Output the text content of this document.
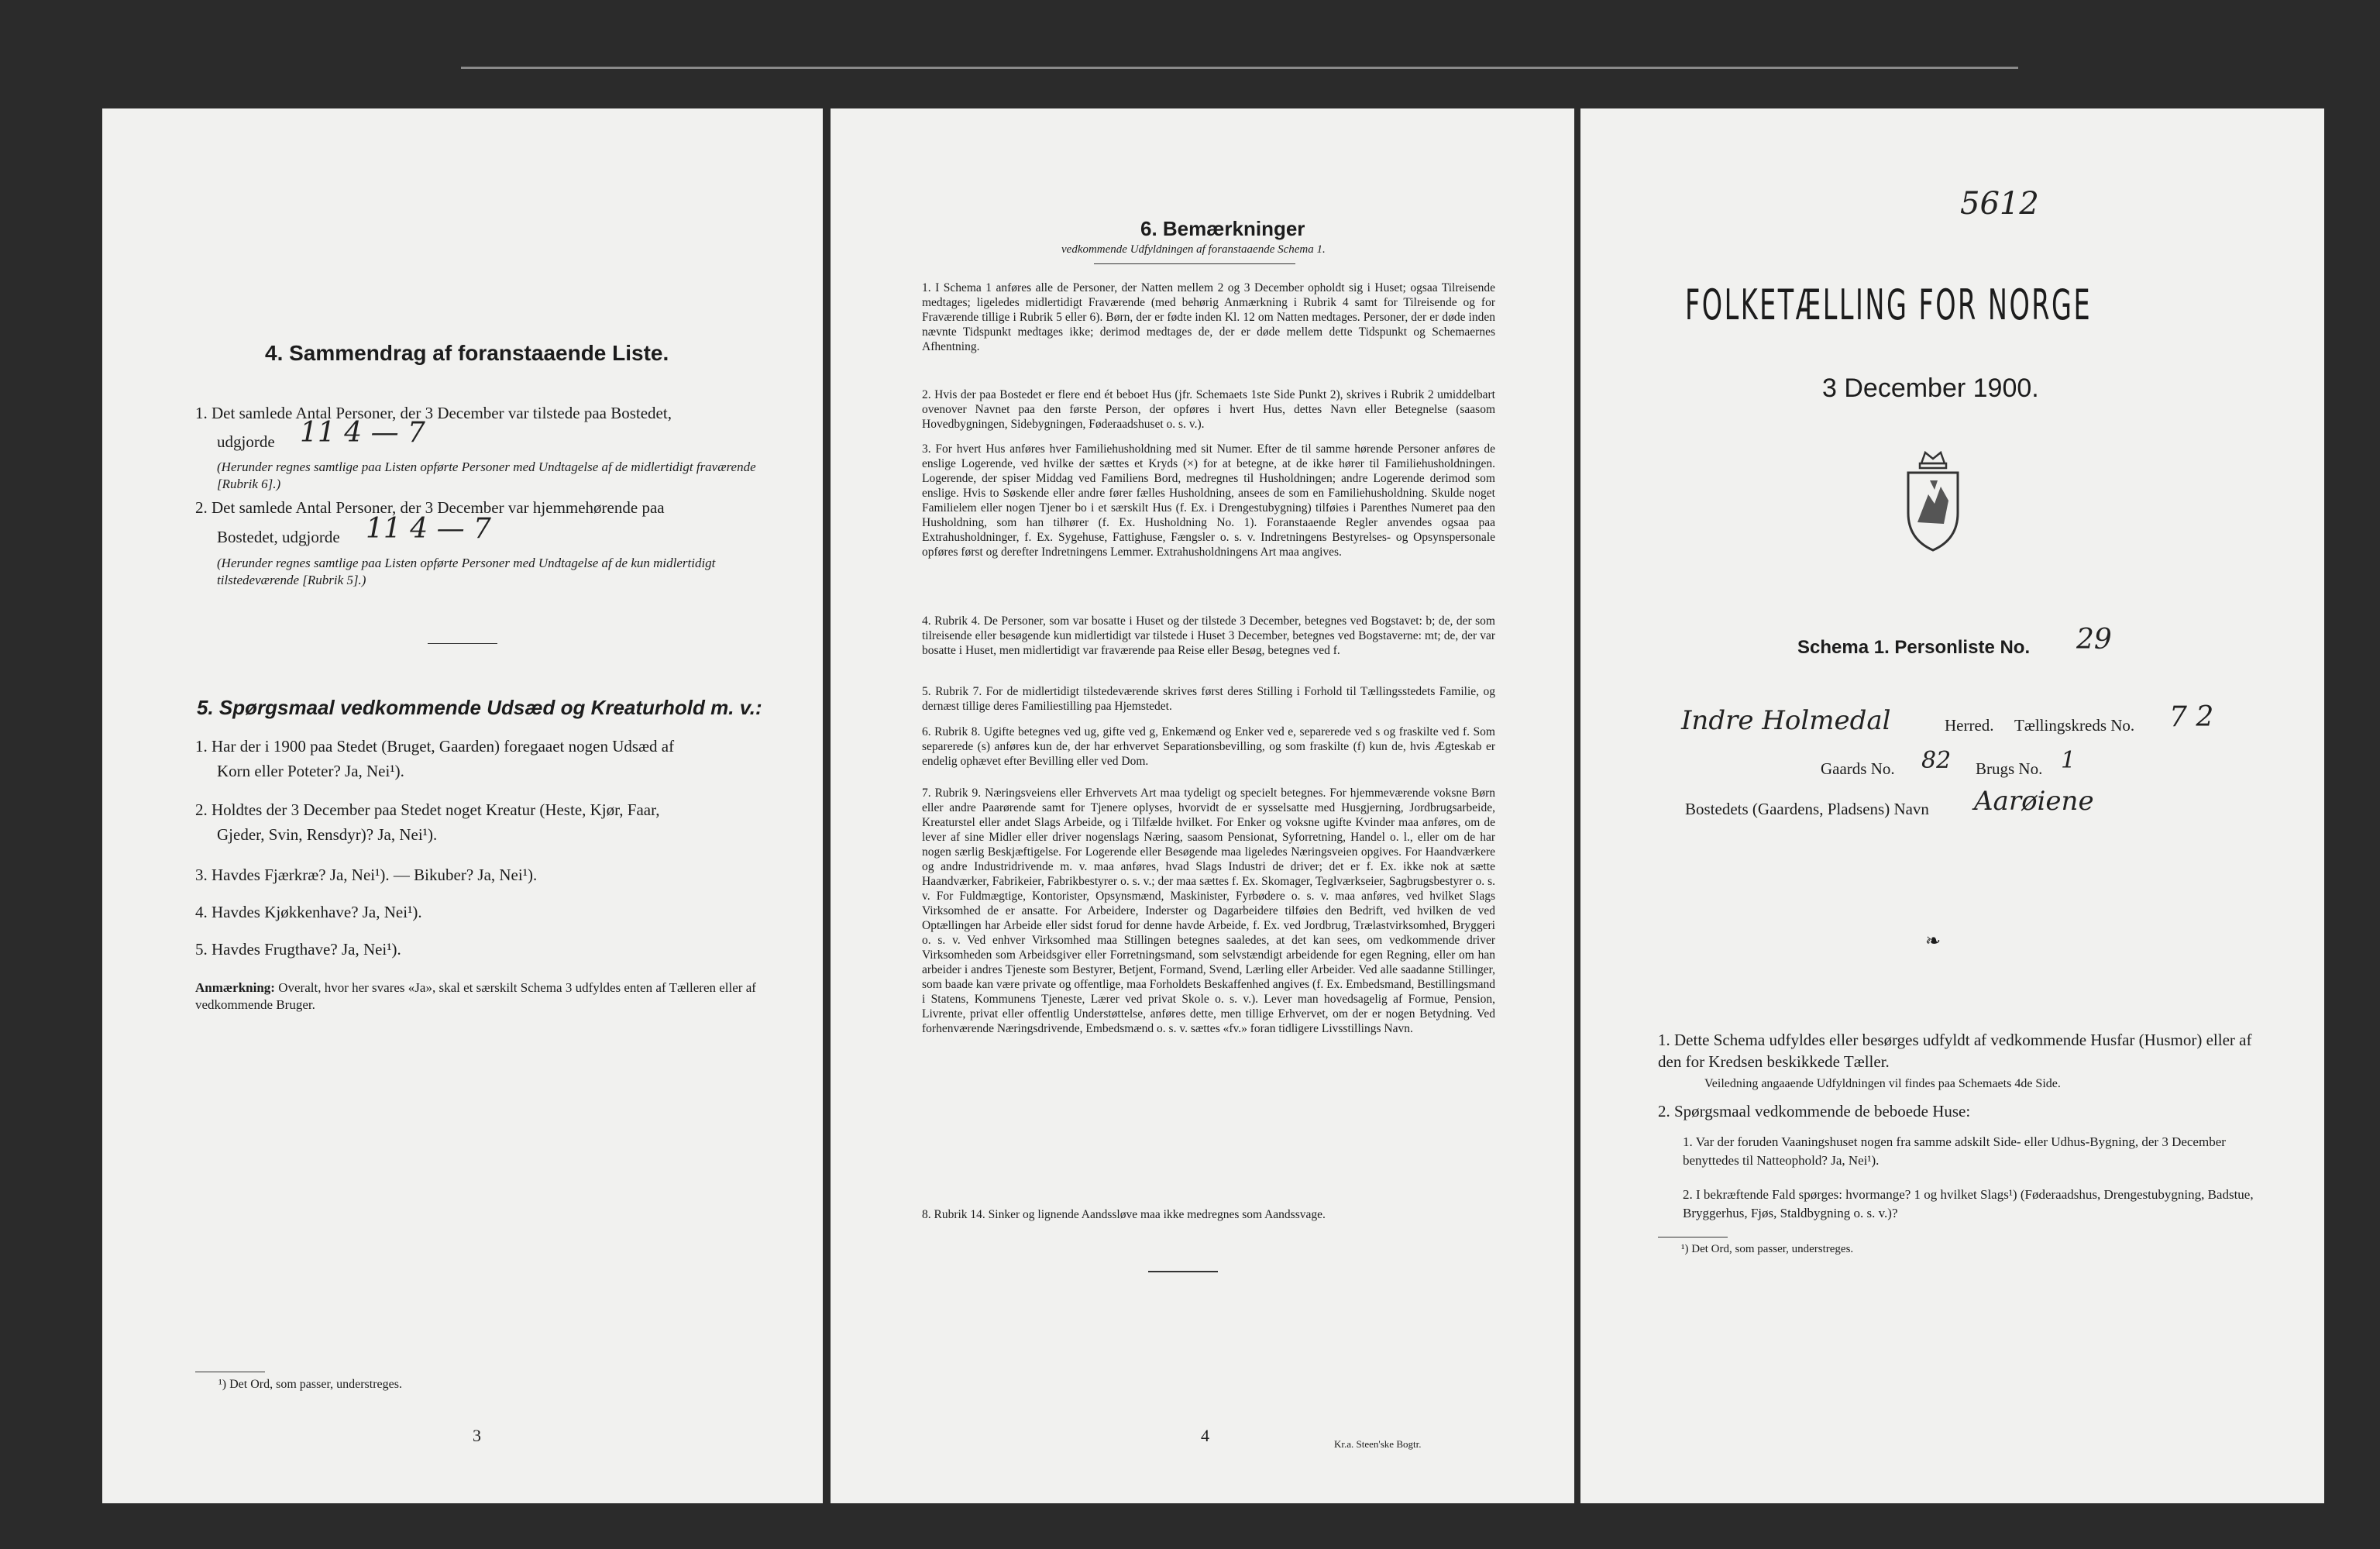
4. Sammendrag af foranstaaende Liste.
1. Det samlede Antal Personer, der 3 December var tilstede paa Bostedet,
udgjorde 11 4 — 7
(Herunder regnes samtlige paa Listen opførte Personer med Undtagelse af de midlertidigt fraværende [Rubrik 6].)
2. Det samlede Antal Personer, der 3 December var hjemmehørende paa
Bostedet, udgjorde 11 4 — 7
(Herunder regnes samtlige paa Listen opførte Personer med Undtagelse af de kun midlertidigt tilstedeværende [Rubrik 5].)
5. Spørgsmaal vedkommende Udsæd og Kreaturhold m. v.:
1. Har der i 1900 paa Stedet (Bruget, Gaarden) foregaaet nogen Udsæd af
Korn eller Poteter? Ja, Nei¹).
2. Holdtes der 3 December paa Stedet noget Kreatur (Heste, Kjør, Faar,
Gjeder, Svin, Rensdyr)? Ja, Nei¹).
3. Havdes Fjærkræ? Ja, Nei¹). — Bikuber? Ja, Nei¹).
4. Havdes Kjøkkenhave? Ja, Nei¹).
5. Havdes Frugthave? Ja, Nei¹).
Anmærkning: Overalt, hvor her svares «Ja», skal et særskilt Schema 3 udfyldes enten af Tælleren eller af vedkommende Bruger.
¹) Det Ord, som passer, understreges.
3
6. Bemærkninger
vedkommende Udfyldningen af foranstaaende Schema 1.
1. I Schema 1 anføres alle de Personer, der Natten mellem 2 og 3 December opholdt sig i Huset; ogsaa Tilreisende medtages; ligeledes midlertidigt Fraværende (med behørig Anmærkning i Rubrik 4 samt for Tilreisende og for Fraværende tillige i Rubrik 5 eller 6). Børn, der er fødte inden Kl. 12 om Natten medtages. Personer, der er døde inden nævnte Tidspunkt medtages ikke; derimod medtages de, der er døde mellem dette Tidspunkt og Schemaernes Afhentning.
2. Hvis der paa Bostedet er flere end ét beboet Hus (jfr. Schemaets 1ste Side Punkt 2), skrives i Rubrik 2 umiddelbart ovenover Navnet paa den første Person, der opføres i hvert Hus, dettes Navn eller Betegnelse (saasom Hovedbygningen, Sidebygningen, Føderaadshuset o. s. v.).
3. For hvert Hus anføres hver Familiehusholdning med sit Numer. Efter de til samme hørende Personer anføres de enslige Logerende, ved hvilke der sættes et Kryds (×) for at betegne, at de ikke hører til Familiehusholdningen. Logerende, der spiser Middag ved Familiens Bord, medregnes til Husholdningen; andre Logerende derimod som enslige. Hvis to Søskende eller andre fører fælles Husholdning, ansees de som en Familiehusholdning. Skulde noget Familielem eller nogen Tjener bo i et særskilt Hus (f. Ex. i Drengestubygning) tilføies i Parenthes Numeret paa den Husholdning, som han tilhører (f. Ex. Husholdning No. 1). Foranstaaende Regler anvendes ogsaa paa Extrahusholdninger, f. Ex. Sygehuse, Fattighuse, Fængsler o. s. v. Indretningens Bestyrelses- og Opsynspersonale opføres først og derefter Indretningens Lemmer. Extrahusholdningens Art maa angives.
4. Rubrik 4. De Personer, som var bosatte i Huset og der tilstede 3 December, betegnes ved Bogstavet: b; de, der som tilreisende eller besøgende kun midlertidigt var tilstede i Huset 3 December, betegnes ved Bogstaverne: mt; de, der var bosatte i Huset, men midlertidigt var fraværende paa Reise eller Besøg, betegnes ved f.
5. Rubrik 7. For de midlertidigt tilstedeværende skrives først deres Stilling i Forhold til Tællingsstedets Familie, og dernæst tillige deres Familiestilling paa Hjemstedet.
6. Rubrik 8. Ugifte betegnes ved ug, gifte ved g, Enkemænd og Enker ved e, separerede ved s og fraskilte ved f. Som separerede (s) anføres kun de, der har erhvervet Separationsbevilling, og som fraskilte (f) kun de, hvis Ægteskab er endelig ophævet efter Bevilling eller ved Dom.
7. Rubrik 9. Næringsveiens eller Erhvervets Art maa tydeligt og specielt betegnes. For hjemmeværende voksne Børn eller andre Paarørende samt for Tjenere oplyses, hvorvidt de er sysselsatte med Husgjerning, Jordbrugsarbeide, Kreaturstel eller andet Slags Arbeide, og i Tilfælde hvilket. For Enker og voksne ugifte Kvinder maa anføres, om de lever af sine Midler eller driver nogenslags Næring, saasom Pensionat, Syforretning, Handel o. l., eller om de har nogen særlig Beskjæftigelse. For Logerende eller Besøgende maa ligeledes Næringsveien opgives. For Haandværkere og andre Industridrivende m. v. maa anføres, hvad Slags Industri de driver; det er f. Ex. ikke nok at sætte Haandværker, Fabrikeier, Fabrikbestyrer o. s. v.; der maa sættes f. Ex. Skomager, Teglværkseier, Sagbrugsbestyrer o. s. v. For Fuldmægtige, Kontorister, Opsynsmænd, Maskinister, Fyrbødere o. s. v. maa anføres, ved hvilket Slags Virksomhed de er ansatte. For Arbeidere, Inderster og Dagarbeidere tilføies den Bedrift, ved hvilken de ved Optællingen har Arbeide eller sidst forud for denne havde Arbeide, f. Ex. ved Jordbrug, Trælastvirksomhed, Bryggeri o. s. v. Ved enhver Virksomhed maa Stillingen betegnes saaledes, at det kan sees, om vedkommende driver Virksomheden som Arbeidsgiver eller Forretningsmand, som selvstændigt arbeidende for egen Regning, eller om han arbeider i andres Tjeneste som Bestyrer, Betjent, Formand, Svend, Lærling eller Arbeider. Ved alle saadanne Stillinger, som baade kan være private og offentlige, maa Forholdets Beskaffenhed angives (f. Ex. Embedsmand, Bestillingsmand i Statens, Kommunens Tjeneste, Lærer ved privat Skole o. s. v.). Lever man hovedsagelig af Formue, Pension, Livrente, privat eller offentlig Understøttelse, anføres dette, men tillige Erhvervet, om der er nogen Betydning. Ved forhenværende Næringsdrivende, Embedsmænd o. s. v. sættes «fv.» foran tidligere Livsstillings Navn.
8. Rubrik 14. Sinker og lignende Aandssløve maa ikke medregnes som Aandssvage.
4	Kr.a. Steen'ske Bogtr.
5612
FOLKETÆLLING FOR NORGE
3 December 1900.
Schema 1. Personliste No. 29
Indre Holmedal	Herred. Tællingskreds No. 7 2
Gaards No. 82 Brugs No. 1
Bostedets (Gaardens, Pladsens) Navn Aarøiene
❧
1. Dette Schema udfyldes eller besørges udfyldt af vedkommende Husfar (Husmor) eller af den for Kredsen beskikkede Tæller.
Veiledning angaaende Udfyldningen vil findes paa Schemaets 4de Side.
2. Spørgsmaal vedkommende de beboede Huse:
1. Var der foruden Vaaningshuset nogen fra samme adskilt Side- eller Udhus-Bygning, der 3 December benyttedes til Natteophold? Ja, Nei¹).
2. I bekræftende Fald spørges: hvormange? 1 og hvilket Slags¹) (Føderaadshus, Drengestubygning, Badstue, Bryggerhus, Fjøs, Staldbygning o. s. v.)?
¹) Det Ord, som passer, understreges.
